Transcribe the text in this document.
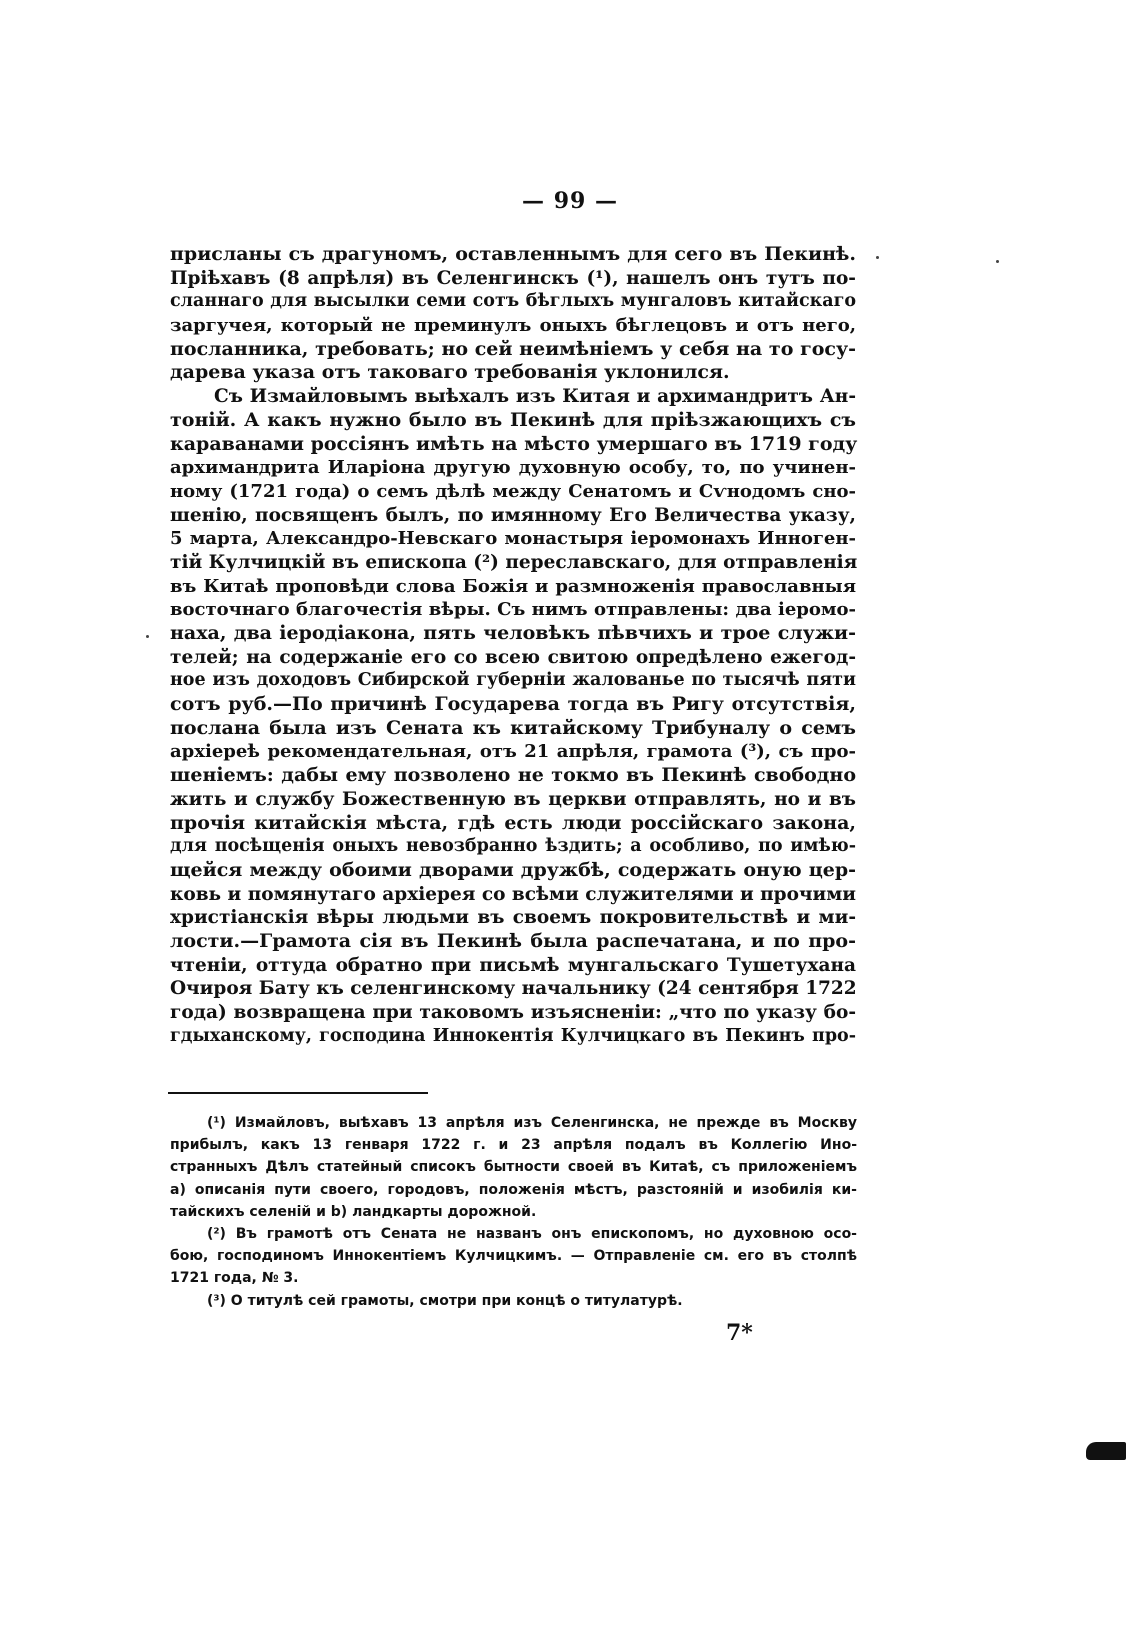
— 99 —
присланы съ драгуномъ, оставленнымъ для сего въ Пекинѣ.
Пріѣхавъ (8 апрѣля) въ Селенгинскъ (¹), нашелъ онъ тутъ по-
сланнаго для высылки семи сотъ бѣглыхъ мунгаловъ китайскаго
заргучея, который не преминулъ оныхъ бѣглецовъ и отъ него,
посланника, требовать; но сей неимѣніемъ у себя на то госу-
дарева указа отъ таковаго требованія уклонился.
Съ Измайловымъ выѣхалъ изъ Китая и архимандритъ Ан-
тоній. А какъ нужно было въ Пекинѣ для пріѣзжающихъ съ
караванами россіянъ имѣть на мѣсто умершаго въ 1719 году
архимандрита Иларіона другую духовную особу, то, по учинен-
ному (1721 года) о семъ дѣлѣ между Сенатомъ и Сѵнодомъ сно-
шенію, посвященъ былъ, по имянному Его Величества указу,
5 марта, Александро-Невскаго монастыря іеромонахъ Инноген-
тій Кулчицкій въ епископа (²) переславскаго, для отправленія
въ Китаѣ проповѣди слова Божія и размноженія православныя
восточнаго благочестія вѣры. Съ нимъ отправлены: два іеромо-
наха, два іеродіакона, пять человѣкъ пѣвчихъ и трое служи-
телей; на содержаніе его со всею свитою опредѣлено ежегод-
ное изъ доходовъ Сибирской губерніи жалованье по тысячѣ пяти
сотъ руб.—По причинѣ Государева тогда въ Ригу отсутствія,
послана была изъ Сената къ китайскому Трибуналу о семъ
архіереѣ рекомендательная, отъ 21 апрѣля, грамота (³), съ про-
шеніемъ: дабы ему позволено не токмо въ Пекинѣ свободно
жить и службу Божественную въ церкви отправлять, но и въ
прочія китайскія мѣста, гдѣ есть люди россійскаго закона,
для посѣщенія оныхъ невозбранно ѣздить; а особливо, по имѣю-
щейся между обоими дворами дружбѣ, содержать оную цер-
ковь и помянутаго архіерея со всѣми служителями и прочими
христіанскія вѣры людьми въ своемъ покровительствѣ и ми-
лости.—Грамота сія въ Пекинѣ была распечатана, и по про-
чтеніи, оттуда обратно при письмѣ мунгальскаго Тушетухана
Очироя Бату къ селенгинскому начальнику (24 сентября 1722
года) возвращена при таковомъ изъясненіи: „что по указу бо-
гдыханскому, господина Иннокентія Кулчицкаго въ Пекинъ про-
(¹) Измайловъ, выѣхавъ 13 апрѣля изъ Селенгинска, не прежде въ Москву
прибылъ, какъ 13 генваря 1722 г. и 23 апрѣля подалъ въ Коллегію Ино-
странныхъ Дѣлъ статейный списокъ бытности своей въ Китаѣ, съ приложеніемъ
а) описанія пути своего, городовъ, положенія мѣстъ, разстояній и изобилія ки-
тайскихъ селеній и b) ландкарты дорожной.
(²) Въ грамотѣ отъ Сената не названъ онъ епископомъ, но духовною осо-
бою, господиномъ Иннокентіемъ Кулчицкимъ. — Отправленіе см. его въ столпѣ
1721 года, № 3.
(³) О титулѣ сей грамоты, смотри при концѣ о титулатурѣ.
7*
